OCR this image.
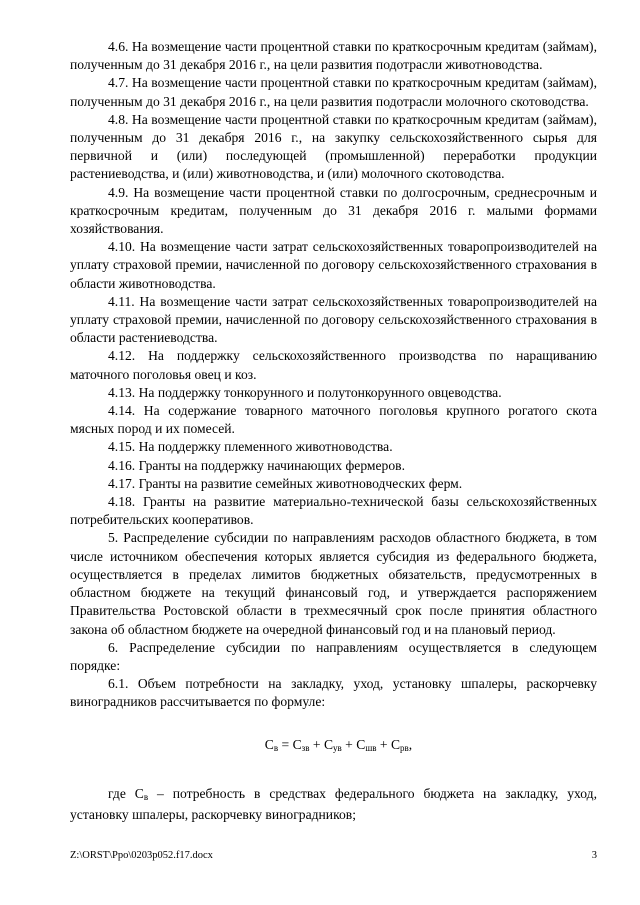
4.6. На возмещение части процентной ставки по краткосрочным кредитам (займам), полученным до 31 декабря 2016 г., на цели развития подотрасли животноводства.

4.7. На возмещение части процентной ставки по краткосрочным кредитам (займам), полученным до 31 декабря 2016 г., на цели развития подотрасли молочного скотоводства.

4.8. На возмещение части процентной ставки по краткосрочным кредитам (займам), полученным до 31 декабря 2016 г., на закупку сельскохозяйственного сырья для первичной и (или) последующей (промышленной) переработки продукции растениеводства, и (или) животноводства, и (или) молочного скотоводства.

4.9. На возмещение части процентной ставки по долгосрочным, среднесрочным и краткосрочным кредитам, полученным до 31 декабря 2016 г. малыми формами хозяйствования.

4.10. На возмещение части затрат сельскохозяйственных товаропроизводителей на уплату страховой премии, начисленной по договору сельскохозяйственного страхования в области животноводства.

4.11. На возмещение части затрат сельскохозяйственных товаропроизводителей на уплату страховой премии, начисленной по договору сельскохозяйственного страхования в области растениеводства.

4.12. На поддержку сельскохозяйственного производства по наращиванию маточного поголовья овец и коз.

4.13. На поддержку тонкорунного и полутонкорунного овцеводства.

4.14. На содержание товарного маточного поголовья крупного рогатого скота мясных пород и их помесей.

4.15. На поддержку племенного животноводства.

4.16. Гранты на поддержку начинающих фермеров.

4.17. Гранты на развитие семейных животноводческих ферм.

4.18. Гранты на развитие материально-технической базы сельскохозяйственных потребительских кооперативов.

5. Распределение субсидии по направлениям расходов областного бюджета, в том числе источником обеспечения которых является субсидия из федерального бюджета, осуществляется в пределах лимитов бюджетных обязательств, предусмотренных в областном бюджете на текущий финансовый год, и утверждается распоряжением Правительства Ростовской области в трехмесячный срок после принятия областного закона об областном бюджете на очередной финансовый год и на плановый период.

6. Распределение субсидии по направлениям осуществляется в следующем порядке:

6.1. Объем потребности на закладку, уход, установку шпалеры, раскорчевку виноградников рассчитывается по формуле:

$С_в = С_{зв} + С_{ув} + С_{шв} + С_{рв}$,

где $С_в$ – потребность в средствах федерального бюджета на закладку, уход, установку шпалеры, раскорчевку виноградников;

Z:\ORST\Ppo\0203p052.f17.docx	3
